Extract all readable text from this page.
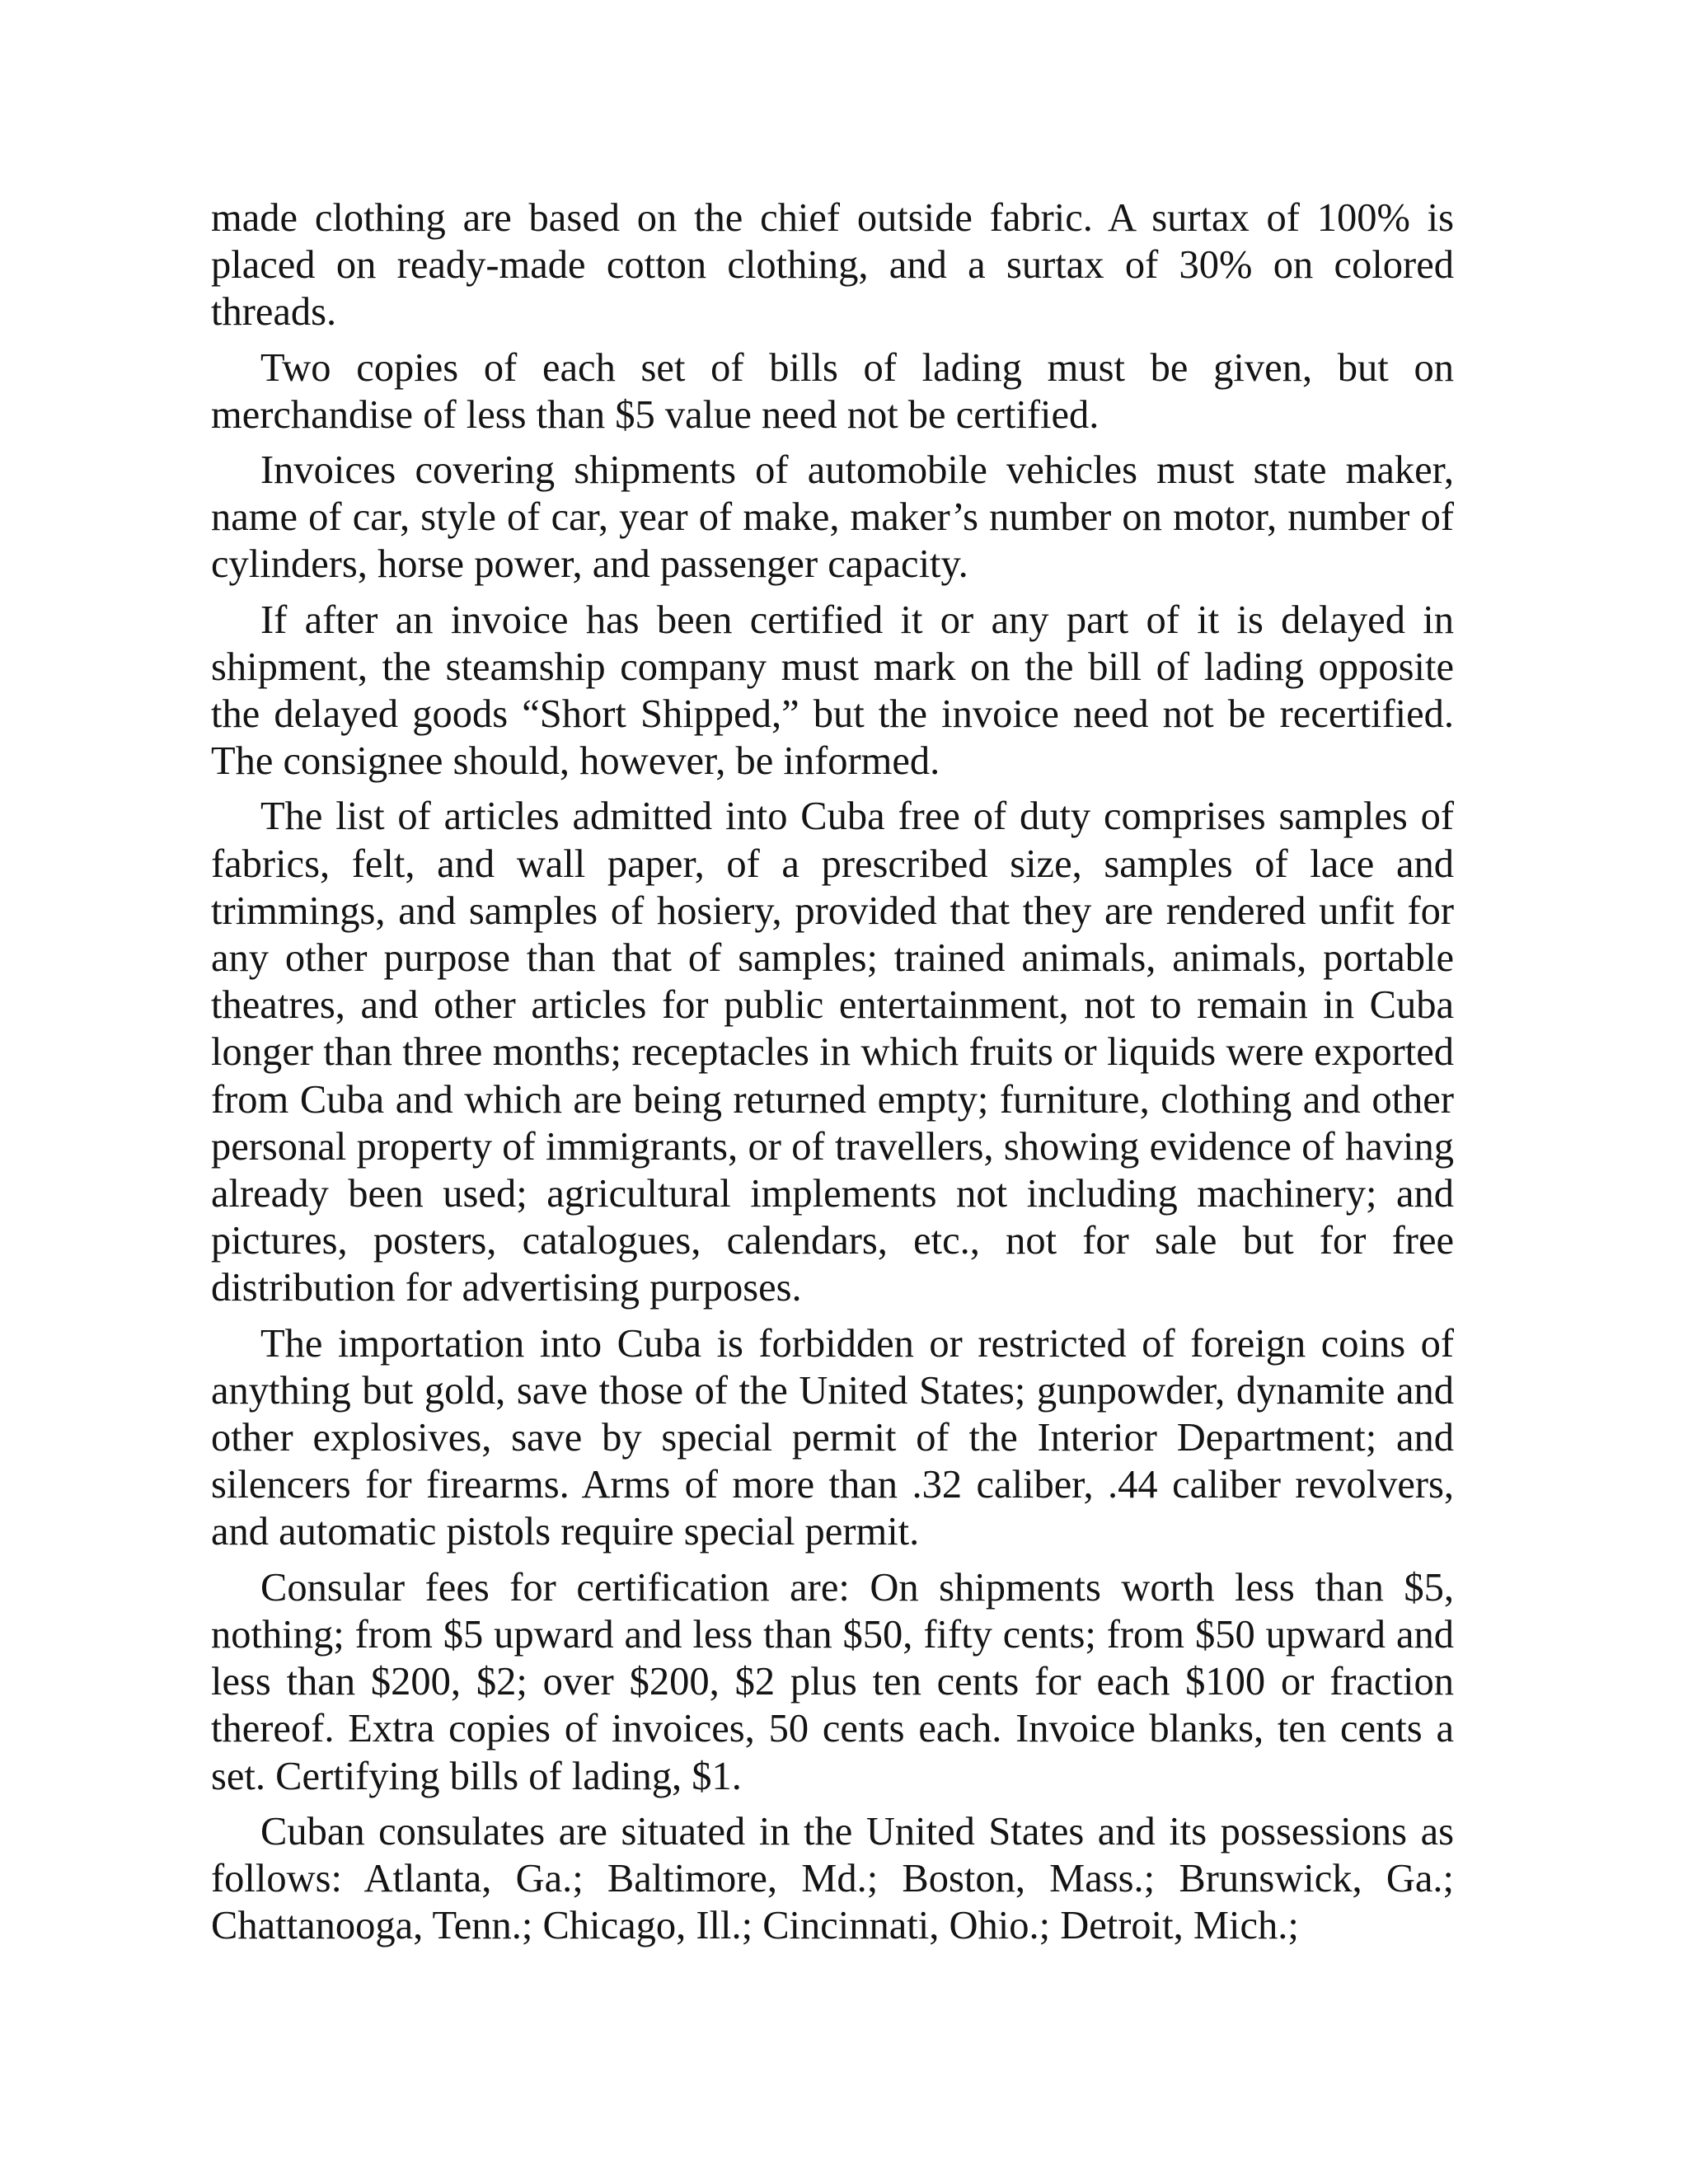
made clothing are based on the chief outside fabric. A surtax of 100% is placed on ready-made cotton clothing, and a surtax of 30% on colored threads.

Two copies of each set of bills of lading must be given, but on merchandise of less than $5 value need not be certified.

Invoices covering shipments of automobile vehicles must state maker, name of car, style of car, year of make, maker’s number on motor, number of cylinders, horse power, and passenger capacity.

If after an invoice has been certified it or any part of it is delayed in shipment, the steamship company must mark on the bill of lading opposite the delayed goods “Short Shipped,” but the invoice need not be recertified. The consignee should, however, be informed.

The list of articles admitted into Cuba free of duty comprises samples of fabrics, felt, and wall paper, of a prescribed size, samples of lace and trimmings, and samples of hosiery, provided that they are rendered unfit for any other purpose than that of samples; trained animals, animals, portable theatres, and other articles for public entertainment, not to remain in Cuba longer than three months; receptacles in which fruits or liquids were exported from Cuba and which are being returned empty; furniture, clothing and other personal property of immigrants, or of travellers, showing evidence of having already been used; agricultural implements not including machinery; and pictures, posters, catalogues, calendars, etc., not for sale but for free distribution for advertising purposes.

The importation into Cuba is forbidden or restricted of foreign coins of anything but gold, save those of the United States; gunpowder, dynamite and other explosives, save by special permit of the Interior Department; and silencers for firearms. Arms of more than .32 caliber, .44 caliber revolvers, and automatic pistols require special permit.

Consular fees for certification are: On shipments worth less than $5, nothing; from $5 upward and less than $50, fifty cents; from $50 upward and less than $200, $2; over $200, $2 plus ten cents for each $100 or fraction thereof. Extra copies of invoices, 50 cents each. Invoice blanks, ten cents a set. Certifying bills of lading, $1.

Cuban consulates are situated in the United States and its possessions as follows: Atlanta, Ga.; Baltimore, Md.; Boston, Mass.; Brunswick, Ga.; Chattanooga, Tenn.; Chicago, Ill.; Cincinnati, Ohio.; Detroit, Mich.;
